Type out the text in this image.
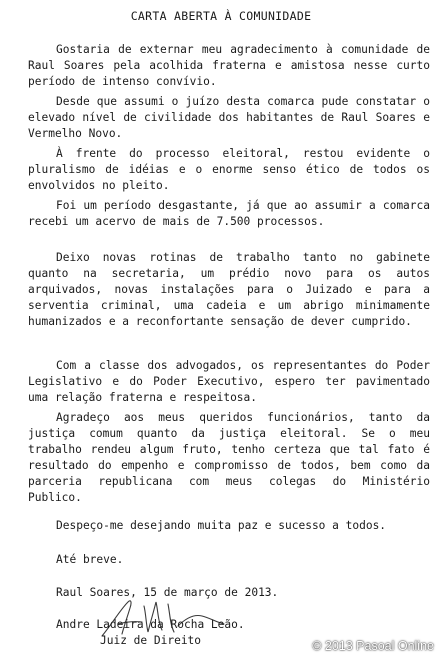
CARTA ABERTA À COMUNIDADE

Gostaria de externar meu agradecimento à comunidade de Raul Soares pela acolhida fraterna e amistosa nesse curto período de intenso convívio.

Desde que assumi o juízo desta comarca pude constatar o elevado nível de civilidade dos habitantes de Raul Soares e Vermelho Novo.

À frente do processo eleitoral, restou evidente o pluralismo de idéias e o enorme senso ético de todos os envolvidos no pleito.

Foi um período desgastante, já que ao assumir a comarca recebi um acervo de mais de 7.500 processos.

Deixo novas rotinas de trabalho tanto no gabinete quanto na secretaria, um prédio novo para os autos arquivados, novas instalações para o Juizado e para a serventia criminal, uma cadeia e um abrigo minimamente humanizados e a reconfortante sensação de dever cumprido.

Com a classe dos advogados, os representantes do Poder Legislativo e do Poder Executivo, espero ter pavimentado uma relação fraterna e respeitosa.

Agradeço aos meus queridos funcionários, tanto da justiça comum quanto da justiça eleitoral. Se o meu trabalho rendeu algum fruto, tenho certeza que tal fato é resultado do empenho e compromisso de todos, bem como da parceria republicana com meus colegas do Ministério Publico.

Despeço-me desejando muita paz e sucesso a todos.

Até breve.
Raul Soares, 15 de março de 2013.
Andre Ladeira da Rocha Leão.
Juiz de Direito	© 2013 Pasoal Online
